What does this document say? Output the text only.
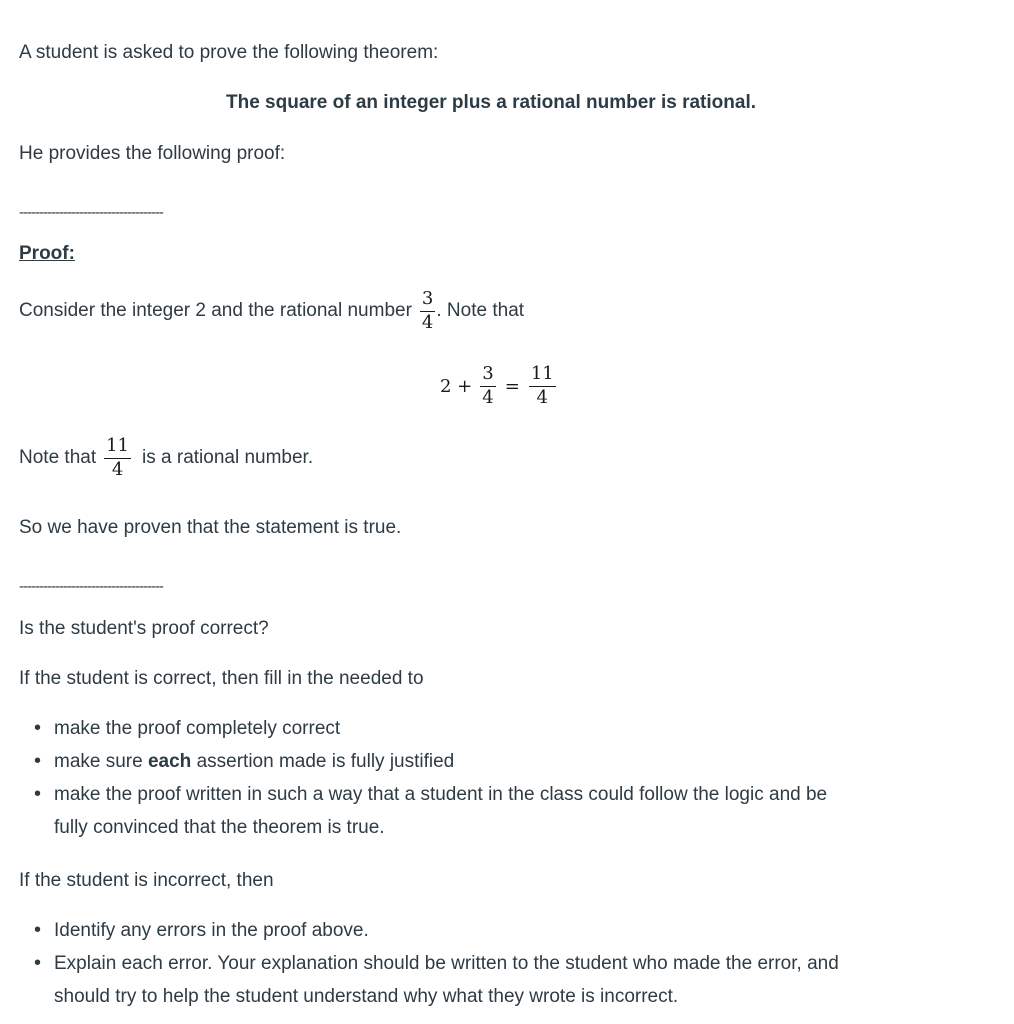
A student is asked to prove the following theorem:

The square of an integer plus a rational number is rational.

He provides the following proof:

------------------------------------

Proof:

Consider the integer 2 and the rational number $\frac{3}{4}$ . Note that
$2 + \frac{3}{4} = \frac{11}{4}$
Note that $\frac{11}{4}$ is a rational number.

So we have proven that the statement is true.

------------------------------------

Is the student's proof correct?

If the student is correct, then fill in the needed to

• make the proof completely correct
• make sure each assertion made is fully justified
• make the proof written in such a way that a student in the class could follow the logic and be
fully convinced that the theorem is true.

If the student is incorrect, then

• Identify any errors in the proof above.
• Explain each error. Your explanation should be written to the student who made the error, and
should try to help the student understand why what they wrote is incorrect.
